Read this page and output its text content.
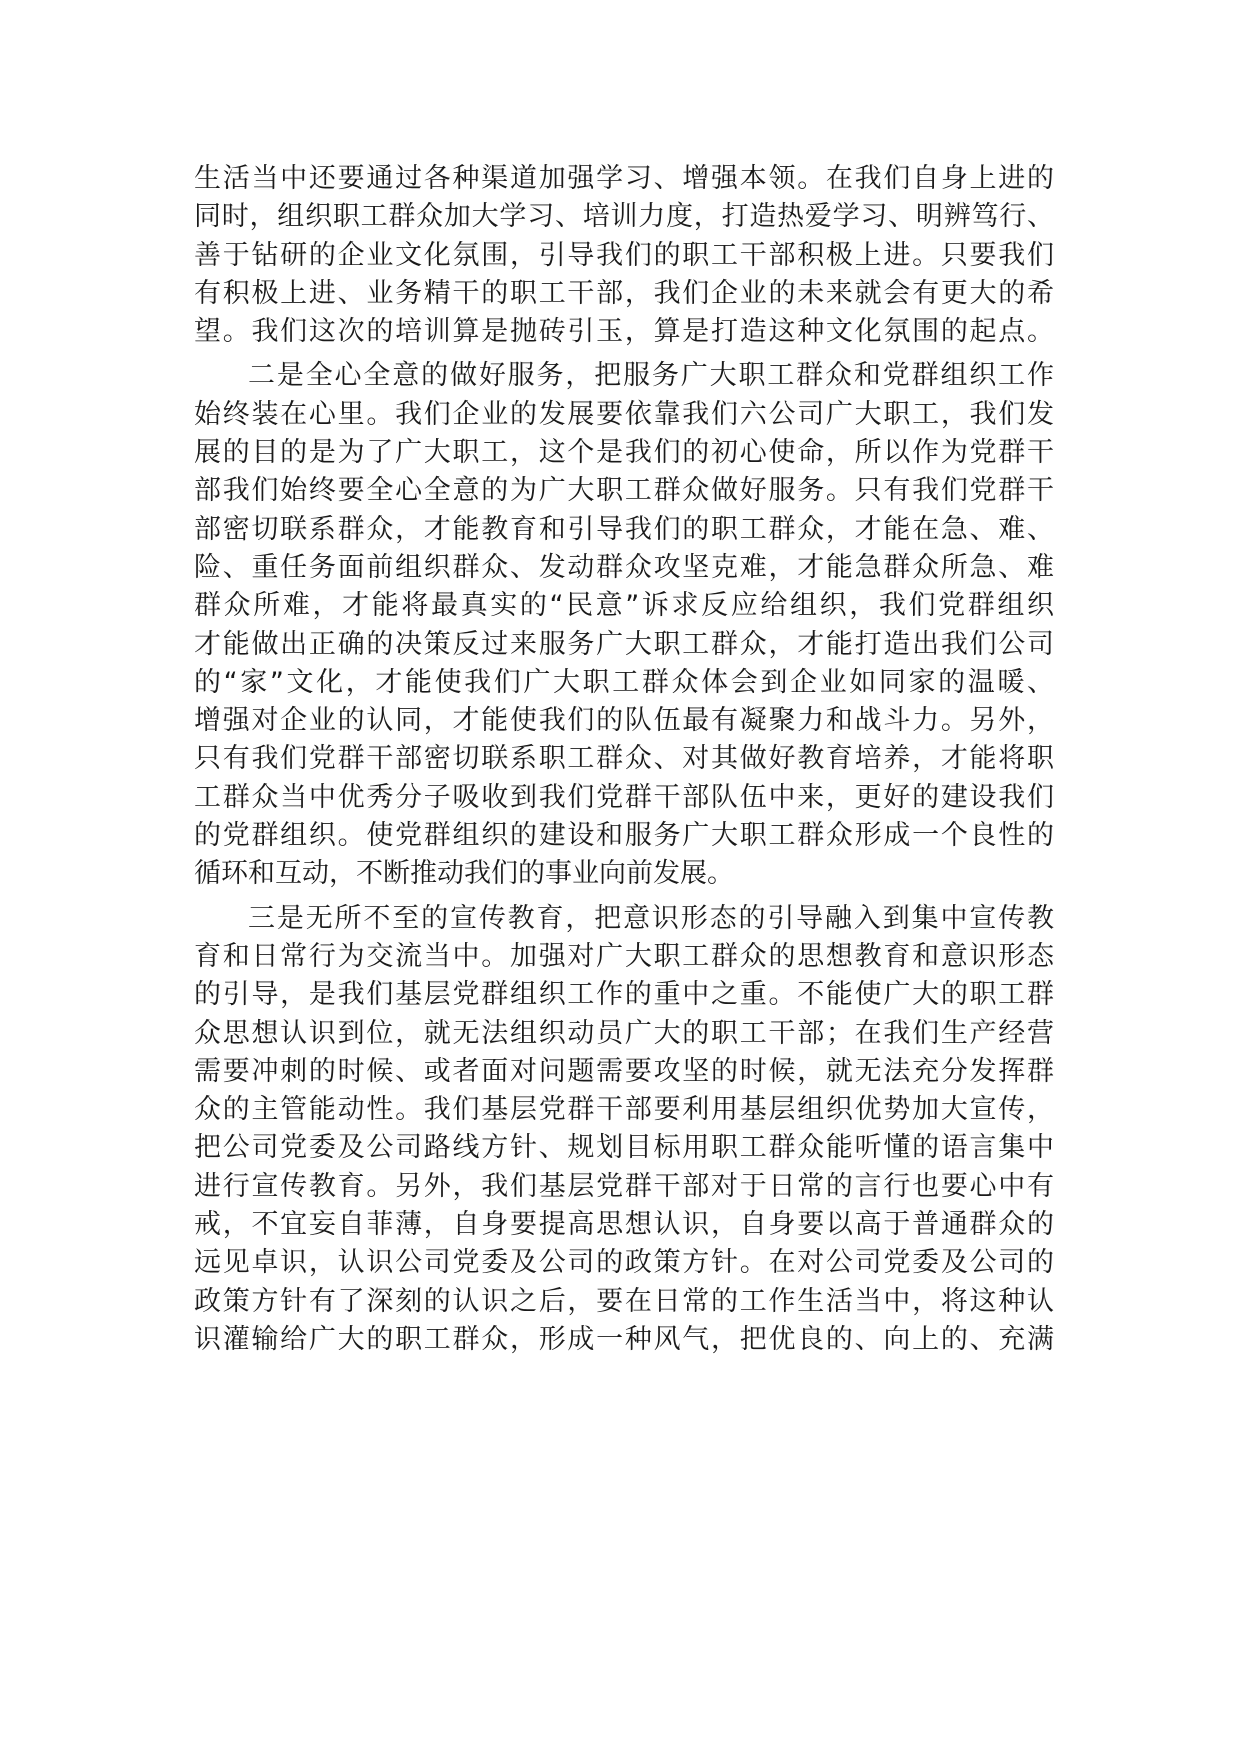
生活当中还要通过各种渠道加强学习、增强本领。在我们自身上进的
同时，组织职工群众加大学习、培训力度，打造热爱学习、明辨笃行、
善于钻研的企业文化氛围，引导我们的职工干部积极上进。只要我们
有积极上进、业务精干的职工干部，我们企业的未来就会有更大的希
望。我们这次的培训算是抛砖引玉，算是打造这种文化氛围的起点。
二是全心全意的做好服务，把服务广大职工群众和党群组织工作
始终装在心里。我们企业的发展要依靠我们六公司广大职工，我们发
展的目的是为了广大职工，这个是我们的初心使命，所以作为党群干
部我们始终要全心全意的为广大职工群众做好服务。只有我们党群干
部密切联系群众，才能教育和引导我们的职工群众，才能在急、难、
险、重任务面前组织群众、发动群众攻坚克难，才能急群众所急、难
群众所难，才能将最真实的“民意”诉求反应给组织，我们党群组织
才能做出正确的决策反过来服务广大职工群众，才能打造出我们公司
的“家”文化，才能使我们广大职工群众体会到企业如同家的温暖、
增强对企业的认同，才能使我们的队伍最有凝聚力和战斗力。另外，
只有我们党群干部密切联系职工群众、对其做好教育培养，才能将职
工群众当中优秀分子吸收到我们党群干部队伍中来，更好的建设我们
的党群组织。使党群组织的建设和服务广大职工群众形成一个良性的
循环和互动，不断推动我们的事业向前发展。
三是无所不至的宣传教育，把意识形态的引导融入到集中宣传教
育和日常行为交流当中。加强对广大职工群众的思想教育和意识形态
的引导，是我们基层党群组织工作的重中之重。不能使广大的职工群
众思想认识到位，就无法组织动员广大的职工干部；在我们生产经营
需要冲刺的时候、或者面对问题需要攻坚的时候，就无法充分发挥群
众的主管能动性。我们基层党群干部要利用基层组织优势加大宣传，
把公司党委及公司路线方针、规划目标用职工群众能听懂的语言集中
进行宣传教育。另外，我们基层党群干部对于日常的言行也要心中有
戒，不宜妄自菲薄，自身要提高思想认识，自身要以高于普通群众的
远见卓识，认识公司党委及公司的政策方针。在对公司党委及公司的
政策方针有了深刻的认识之后，要在日常的工作生活当中，将这种认
识灌输给广大的职工群众，形成一种风气，把优良的、向上的、充满
